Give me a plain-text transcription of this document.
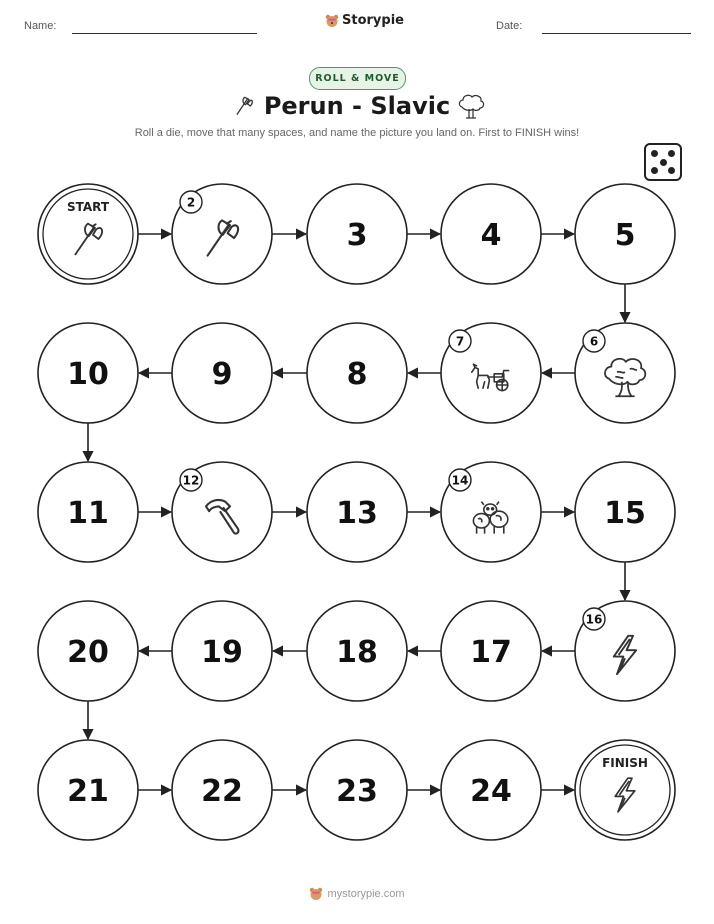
Name:	Storypie	Date:
ROLL & MOVE
Perun - Slavic
Roll a die, move that many spaces, and name the picture you land on. First to FINISH wins!
START	2
3	4	5
6
7
8
9
10
11
12
13
14
15
16
17
18
19
20
21	22	23	24
FINISH
mystorypie.com
